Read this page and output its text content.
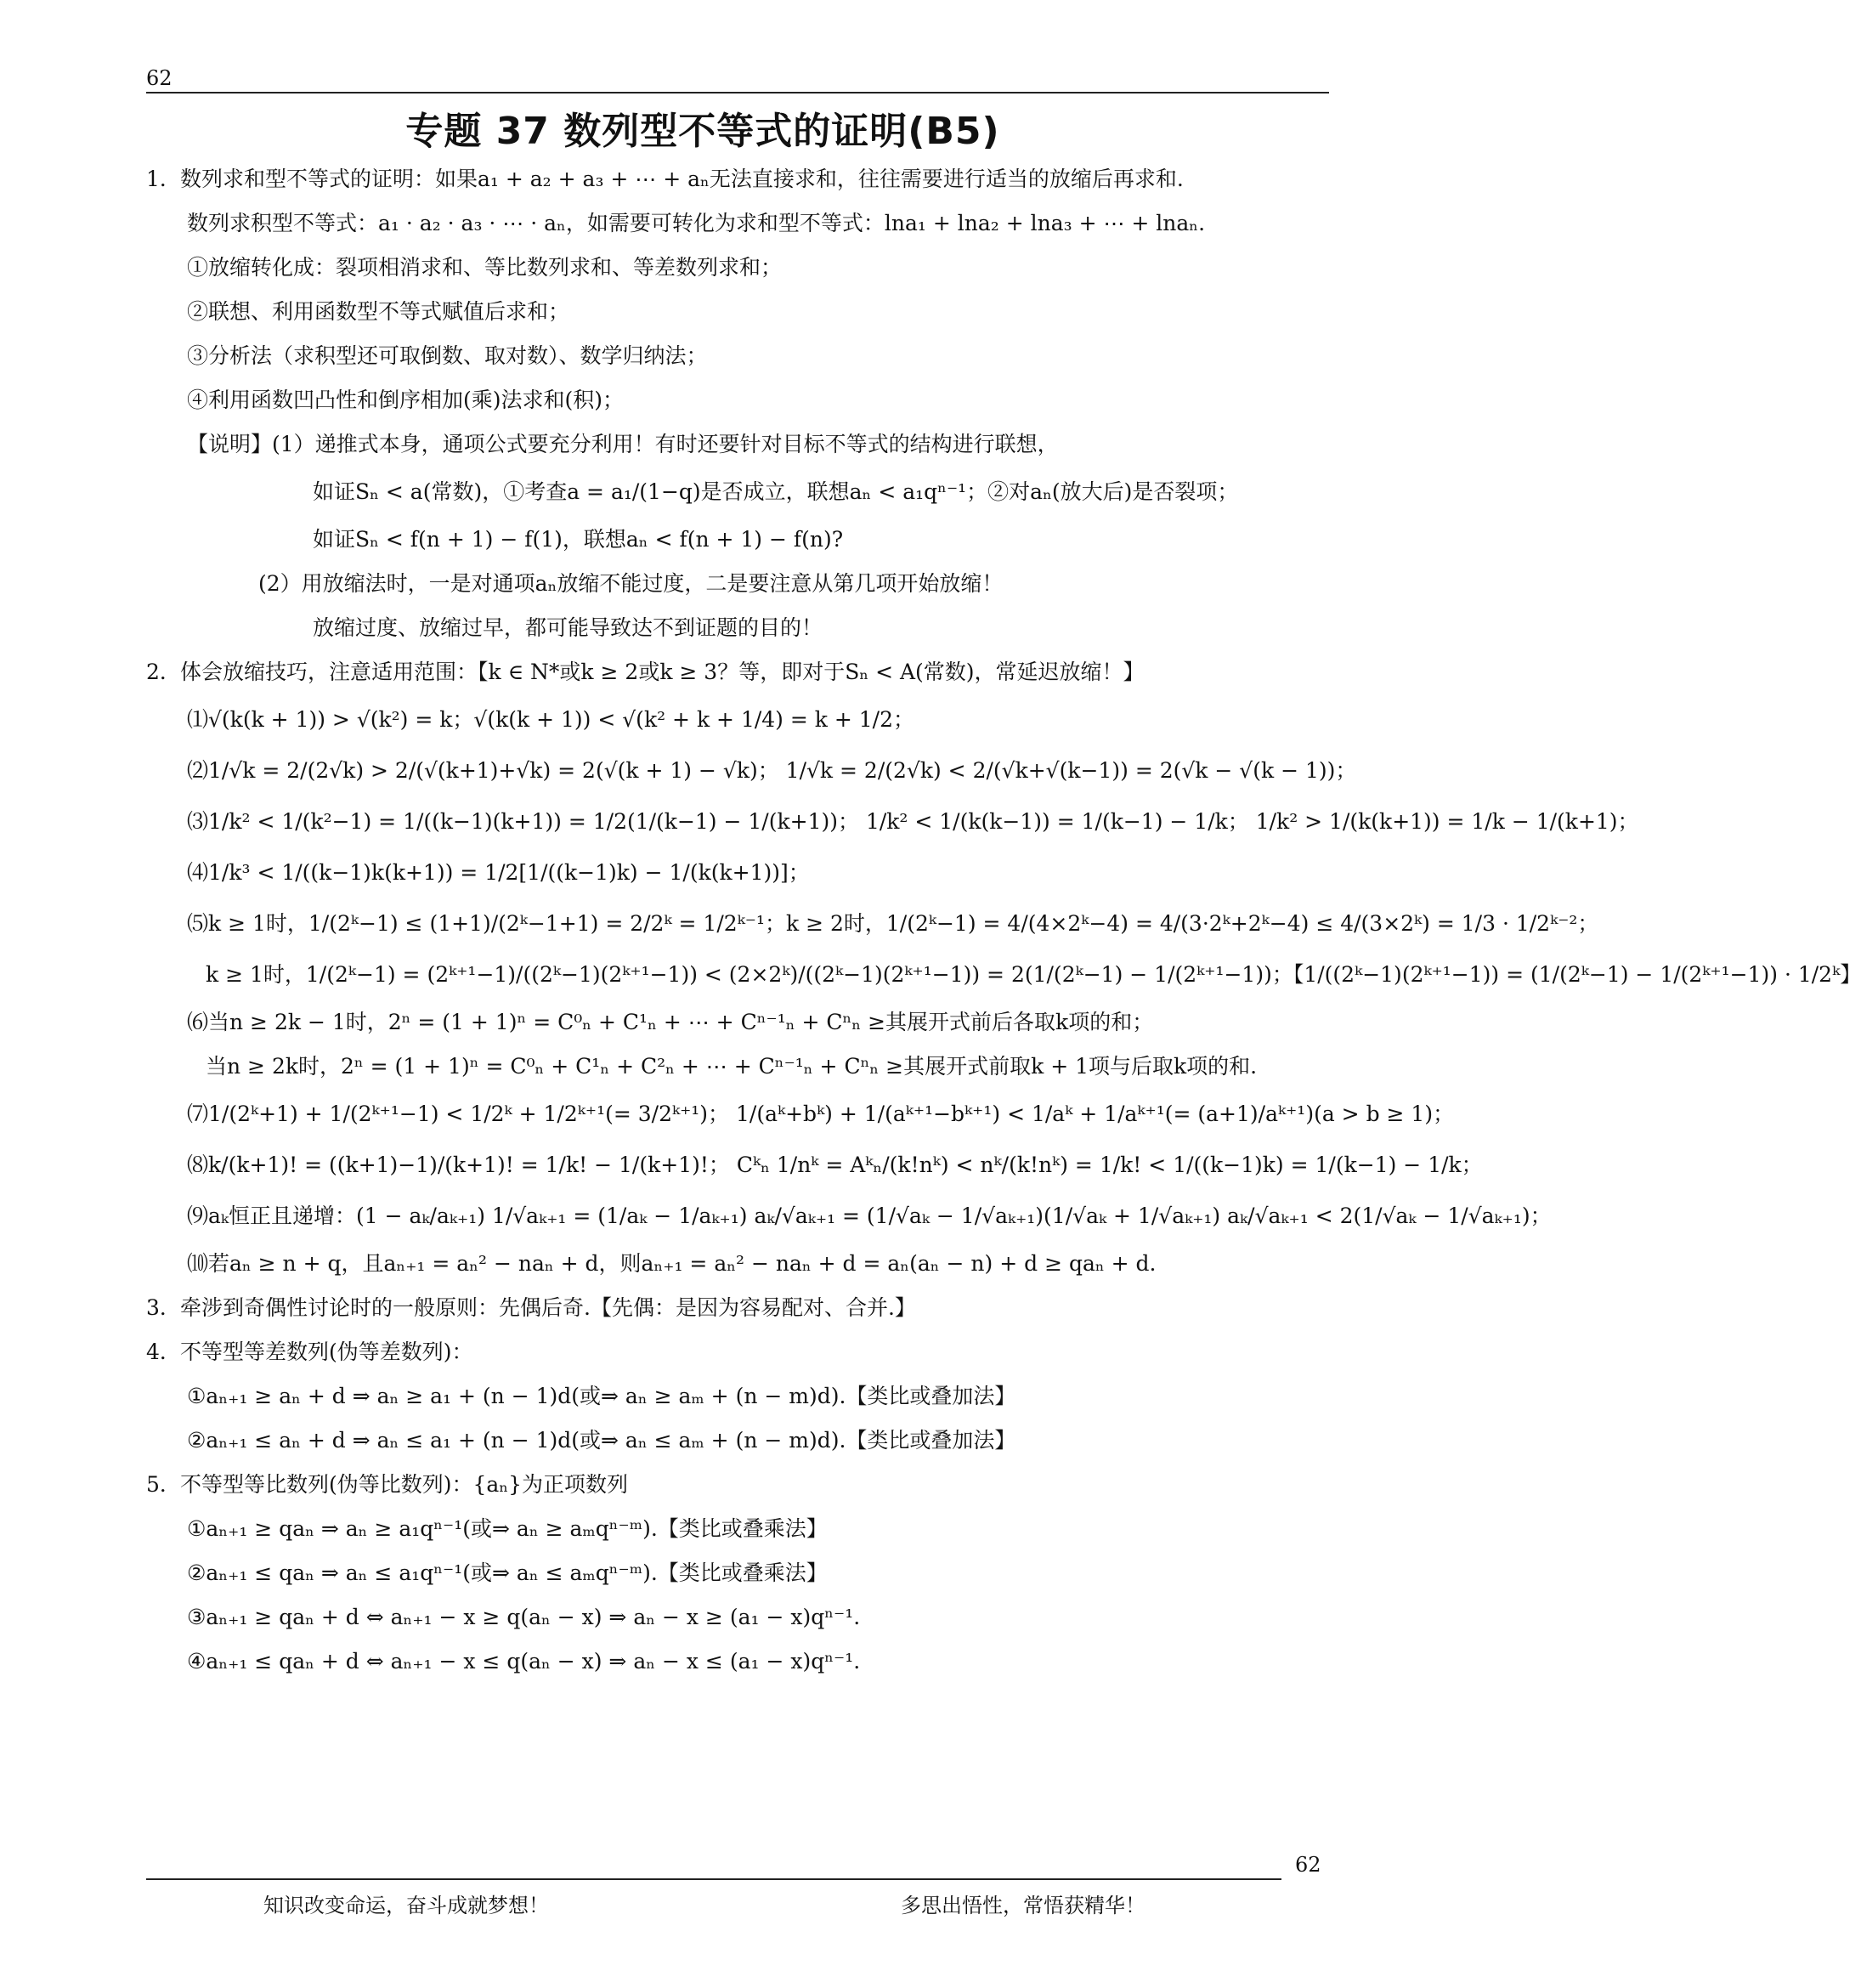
62
专题 37 数列型不等式的证明(B5)
1．数列求和型不等式的证明：如果a₁ + a₂ + a₃ + ⋯ + aₙ无法直接求和，往往需要进行适当的放缩后再求和.
数列求积型不等式：a₁ · a₂ · a₃ · ⋯ · aₙ，如需要可转化为求和型不等式：lna₁ + lna₂ + lna₃ + ⋯ + lnaₙ.
①放缩转化成：裂项相消求和、等比数列求和、等差数列求和；
②联想、利用函数型不等式赋值后求和；
③分析法（求积型还可取倒数、取对数）、数学归纳法；
④利用函数凹凸性和倒序相加(乘)法求和(积)；
【说明】(1）递推式本身，通项公式要充分利用！有时还要针对目标不等式的结构进行联想，
如证Sₙ < a(常数)，①考查a = a₁/(1−q)是否成立，联想aₙ < a₁qⁿ⁻¹；②对aₙ(放大后)是否裂项；
如证Sₙ < f(n + 1) − f(1)，联想aₙ < f(n + 1) − f(n)?
(2）用放缩法时，一是对通项aₙ放缩不能过度，二是要注意从第几项开始放缩！
放缩过度、放缩过早，都可能导致达不到证题的目的！
2．体会放缩技巧，注意适用范围：【k ∈ N*或k ≥ 2或k ≥ 3？等，即对于Sₙ < A(常数)，常延迟放缩！】
⑴√(k(k + 1)) > √(k²) = k；√(k(k + 1)) < √(k² + k + 1/4) = k + 1/2；
⑵1/√k = 2/(2√k) > 2/(√(k+1)+√k) = 2(√(k + 1) − √k)； 1/√k = 2/(2√k) < 2/(√k+√(k−1)) = 2(√k − √(k − 1))；
⑶1/k² < 1/(k²−1) = 1/((k−1)(k+1)) = 1/2(1/(k−1) − 1/(k+1))； 1/k² < 1/(k(k−1)) = 1/(k−1) − 1/k； 1/k² > 1/(k(k+1)) = 1/k − 1/(k+1)；
⑷1/k³ < 1/((k−1)k(k+1)) = 1/2[1/((k−1)k) − 1/(k(k+1))]；
⑸k ≥ 1时，1/(2ᵏ−1) ≤ (1+1)/(2ᵏ−1+1) = 2/2ᵏ = 1/2ᵏ⁻¹；k ≥ 2时，1/(2ᵏ−1) = 4/(4×2ᵏ−4) = 4/(3·2ᵏ+2ᵏ−4) ≤ 4/(3×2ᵏ) = 1/3 · 1/2ᵏ⁻²；
k ≥ 1时，1/(2ᵏ−1) = (2ᵏ⁺¹−1)/((2ᵏ−1)(2ᵏ⁺¹−1)) < (2×2ᵏ)/((2ᵏ−1)(2ᵏ⁺¹−1)) = 2(1/(2ᵏ−1) − 1/(2ᵏ⁺¹−1))；【1/((2ᵏ−1)(2ᵏ⁺¹−1)) = (1/(2ᵏ−1) − 1/(2ᵏ⁺¹−1)) · 1/2ᵏ】
⑹当n ≥ 2k − 1时，2ⁿ = (1 + 1)ⁿ = C⁰ₙ + C¹ₙ + ⋯ + Cⁿ⁻¹ₙ + Cⁿₙ ≥其展开式前后各取k项的和；
当n ≥ 2k时，2ⁿ = (1 + 1)ⁿ = C⁰ₙ + C¹ₙ + C²ₙ + ⋯ + Cⁿ⁻¹ₙ + Cⁿₙ ≥其展开式前取k + 1项与后取k项的和.
⑺1/(2ᵏ+1) + 1/(2ᵏ⁺¹−1) < 1/2ᵏ + 1/2ᵏ⁺¹(= 3/2ᵏ⁺¹)； 1/(aᵏ+bᵏ) + 1/(aᵏ⁺¹−bᵏ⁺¹) < 1/aᵏ + 1/aᵏ⁺¹(= (a+1)/aᵏ⁺¹)(a > b ≥ 1)；
⑻k/(k+1)! = ((k+1)−1)/(k+1)! = 1/k! − 1/(k+1)!； Cᵏₙ 1/nᵏ = Aᵏₙ/(k!nᵏ) < nᵏ/(k!nᵏ) = 1/k! < 1/((k−1)k) = 1/(k−1) − 1/k；
⑼aₖ恒正且递增：(1 − aₖ/aₖ₊₁) 1/√aₖ₊₁ = (1/aₖ − 1/aₖ₊₁) aₖ/√aₖ₊₁ = (1/√aₖ − 1/√aₖ₊₁)(1/√aₖ + 1/√aₖ₊₁) aₖ/√aₖ₊₁ < 2(1/√aₖ − 1/√aₖ₊₁)；
⑽若aₙ ≥ n + q，且aₙ₊₁ = aₙ² − naₙ + d，则aₙ₊₁ = aₙ² − naₙ + d = aₙ(aₙ − n) + d ≥ qaₙ + d.
3．牵涉到奇偶性讨论时的一般原则：先偶后奇.【先偶：是因为容易配对、合并.】
4．不等型等差数列(伪等差数列)：
①aₙ₊₁ ≥ aₙ + d ⇒ aₙ ≥ a₁ + (n − 1)d(或⇒ aₙ ≥ aₘ + (n − m)d).【类比或叠加法】
②aₙ₊₁ ≤ aₙ + d ⇒ aₙ ≤ a₁ + (n − 1)d(或⇒ aₙ ≤ aₘ + (n − m)d).【类比或叠加法】
5．不等型等比数列(伪等比数列)：{aₙ}为正项数列
①aₙ₊₁ ≥ qaₙ ⇒ aₙ ≥ a₁qⁿ⁻¹(或⇒ aₙ ≥ aₘqⁿ⁻ᵐ).【类比或叠乘法】
②aₙ₊₁ ≤ qaₙ ⇒ aₙ ≤ a₁qⁿ⁻¹(或⇒ aₙ ≤ aₘqⁿ⁻ᵐ).【类比或叠乘法】
③aₙ₊₁ ≥ qaₙ + d ⇔ aₙ₊₁ − x ≥ q(aₙ − x) ⇒ aₙ − x ≥ (a₁ − x)qⁿ⁻¹.
④aₙ₊₁ ≤ qaₙ + d ⇔ aₙ₊₁ − x ≤ q(aₙ − x) ⇒ aₙ − x ≤ (a₁ − x)qⁿ⁻¹.
62
知识改变命运，奋斗成就梦想！	多思出悟性，常悟获精华！
